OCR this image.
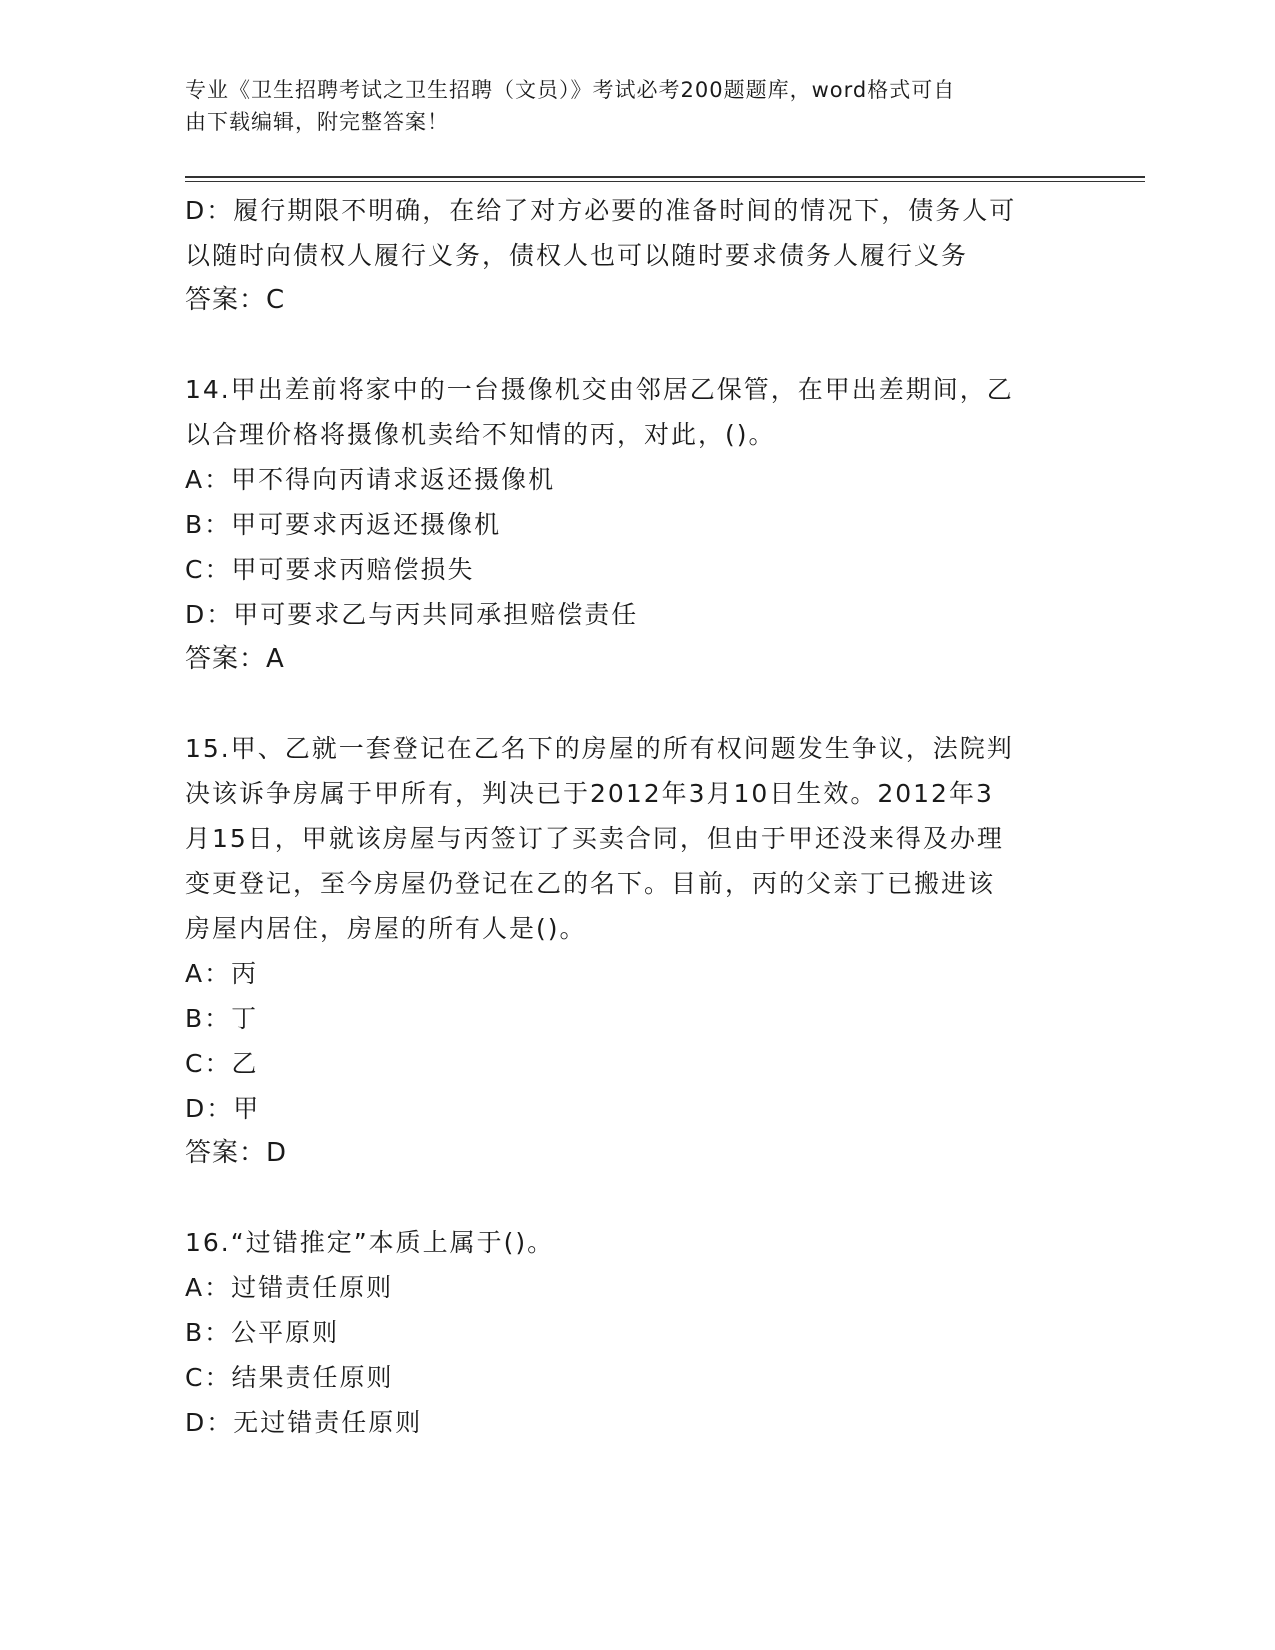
专业《卫生招聘考试之卫生招聘（文员）》考试必考200题题库，word格式可自
由下载编辑，附完整答案！
D：履行期限不明确，在给了对方必要的准备时间的情况下，债务人可
以随时向债权人履行义务，债权人也可以随时要求债务人履行义务
答案：C
14.甲出差前将家中的一台摄像机交由邻居乙保管，在甲出差期间，乙
以合理价格将摄像机卖给不知情的丙，对此，()。
A：甲不得向丙请求返还摄像机
B：甲可要求丙返还摄像机
C：甲可要求丙赔偿损失
D：甲可要求乙与丙共同承担赔偿责任
答案：A
15.甲、乙就一套登记在乙名下的房屋的所有权问题发生争议，法院判
决该诉争房属于甲所有，判决已于2012年3月10日生效。2012年3
月15日，甲就该房屋与丙签订了买卖合同，但由于甲还没来得及办理
变更登记，至今房屋仍登记在乙的名下。目前，丙的父亲丁已搬进该
房屋内居住，房屋的所有人是()。
A：丙
B：丁
C：乙
D：甲
答案：D
16.“过错推定”本质上属于()。
A：过错责任原则
B：公平原则
C：结果责任原则
D：无过错责任原则
